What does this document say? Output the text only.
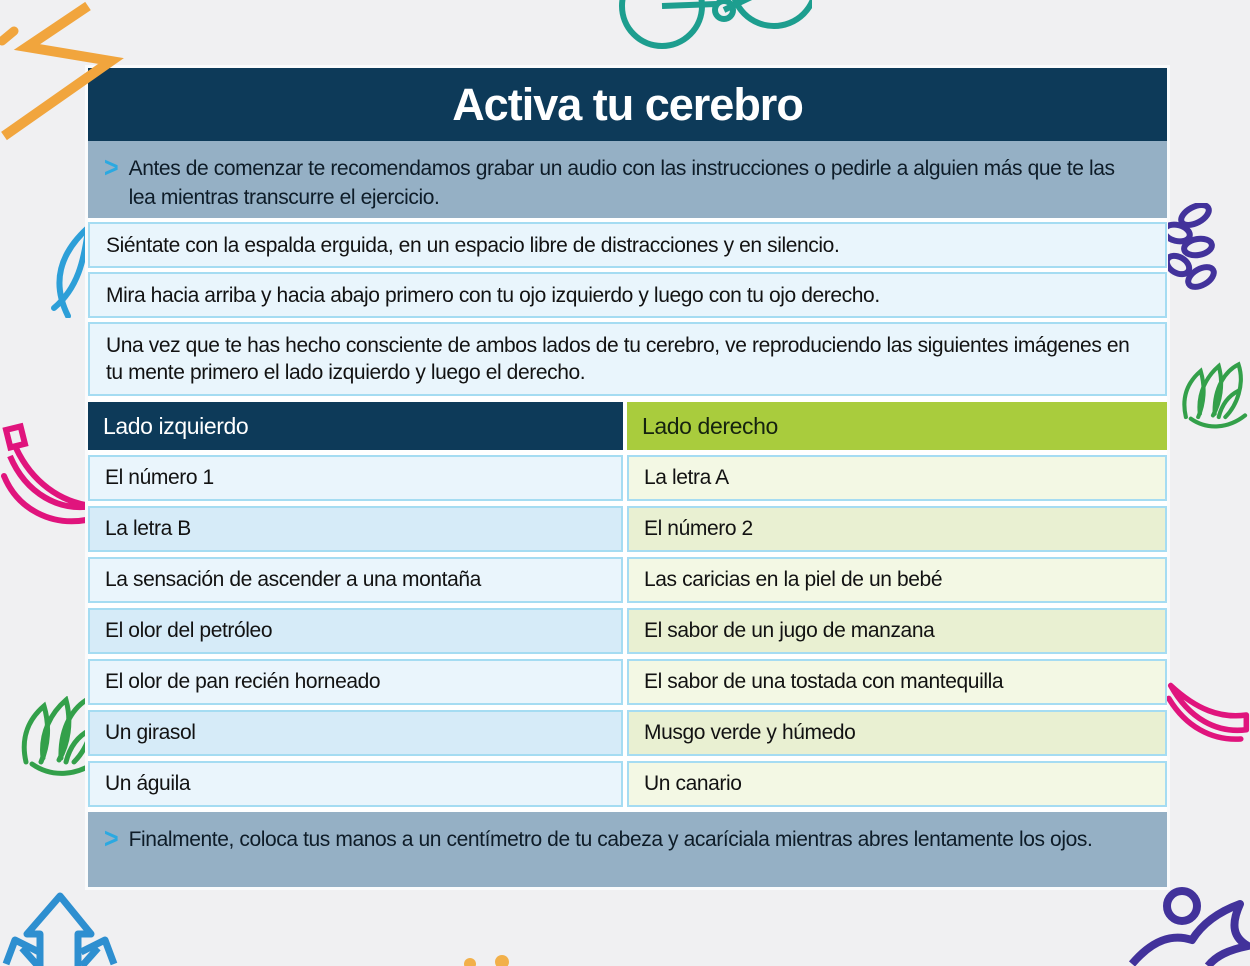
Activa tu cerebro
> Antes de comenzar te recomendamos grabar un audio con las instrucciones o pedirle a alguien más que te las lea mientras transcurre el ejercicio.
Siéntate con la espalda erguida, en un espacio libre de distracciones y en silencio.
Mira hacia arriba y hacia abajo primero con tu ojo izquierdo y luego con tu ojo derecho.
Una vez que te has hecho consciente de ambos lados de tu cerebro, ve reproduciendo las siguientes imágenes en tu mente primero el lado izquierdo y luego el derecho.
Lado izquierdo	Lado derecho
El número 1	La letra A
La letra B	El número 2
La sensación de ascender a una montaña	Las caricias en la piel de un bebé
El olor del petróleo	El sabor de un jugo de manzana
El olor de pan recién horneado	El sabor de una tostada con mantequilla
Un girasol	Musgo verde y húmedo
Un águila	Un canario
> Finalmente, coloca tus manos a un centímetro de tu cabeza y acaríciala mientras abres lentamente los ojos.
